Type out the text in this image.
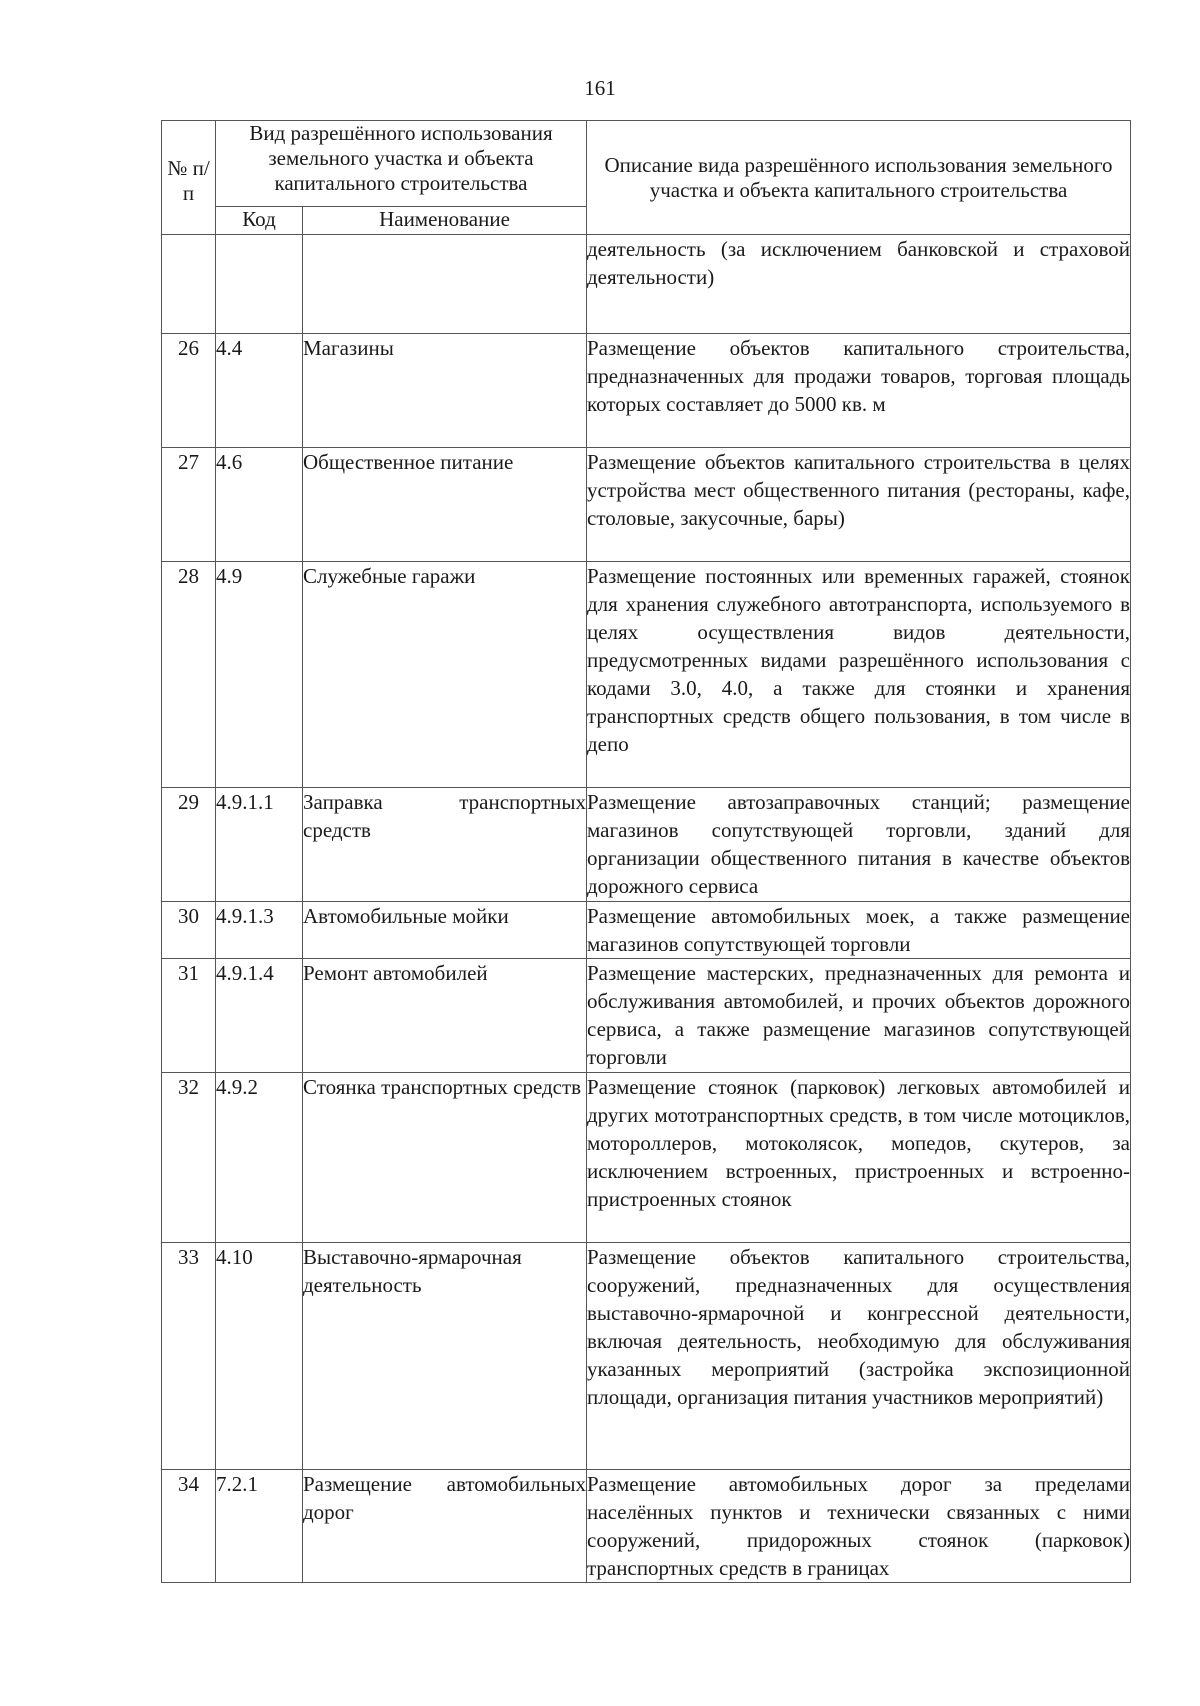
161
№ п/п	Вид разрешённого использования земельного участка и объекта капитального строительства		Описание вида разрешённого использования земельного участка и объекта капитального строительства
	Код	Наименование	
			деятельность (за исключением банковской и страховой деятельности)
26	4.4	Магазины	Размещение объектов капитального строительства, предназначенных для продажи товаров, торговая площадь которых составляет до 5000 кв. м
27	4.6	Общественное питание	Размещение объектов капитального строительства в целях устройства мест общественного питания (рестораны, кафе, столовые, закусочные, бары)
28	4.9	Служебные гаражи	Размещение постоянных или временных гаражей, стоянок для хранения служебного автотранспорта, используемого в целях осуществления видов деятельности, предусмотренных видами разрешённого использования с кодами 3.0, 4.0, а также для стоянки и хранения транспортных средств общего пользования, в том числе в депо
29	4.9.1.1	Заправка транспортных средств	Размещение автозаправочных станций; размещение магазинов сопутствующей торговли, зданий для организации общественного питания в качестве объектов дорожного сервиса
30	4.9.1.3	Автомобильные мойки	Размещение автомобильных моек, а также размещение магазинов сопутствующей торговли
31	4.9.1.4	Ремонт автомобилей	Размещение мастерских, предназначенных для ремонта и обслуживания автомобилей, и прочих объектов дорожного сервиса, а также размещение магазинов сопутствующей торговли
32	4.9.2	Стоянка транспортных средств	Размещение стоянок (парковок) легковых автомобилей и других мототранспортных средств, в том числе мотоциклов, мотороллеров, мотоколясок, мопедов, скутеров, за исключением встроенных, пристроенных и встроенно-пристроенных стоянок
33	4.10	Выставочно-ярмарочная деятельность	Размещение объектов капитального строительства, сооружений, предназначенных для осуществления выставочно-ярмарочной и конгрессной деятельности, включая деятельность, необходимую для обслуживания указанных мероприятий (застройка экспозиционной площади, организация питания участников мероприятий)
34	7.2.1	Размещение автомобильных дорог	Размещение автомобильных дорог за пределами населённых пунктов и технически связанных с ними сооружений, придорожных стоянок (парковок) транспортных средств в границах
